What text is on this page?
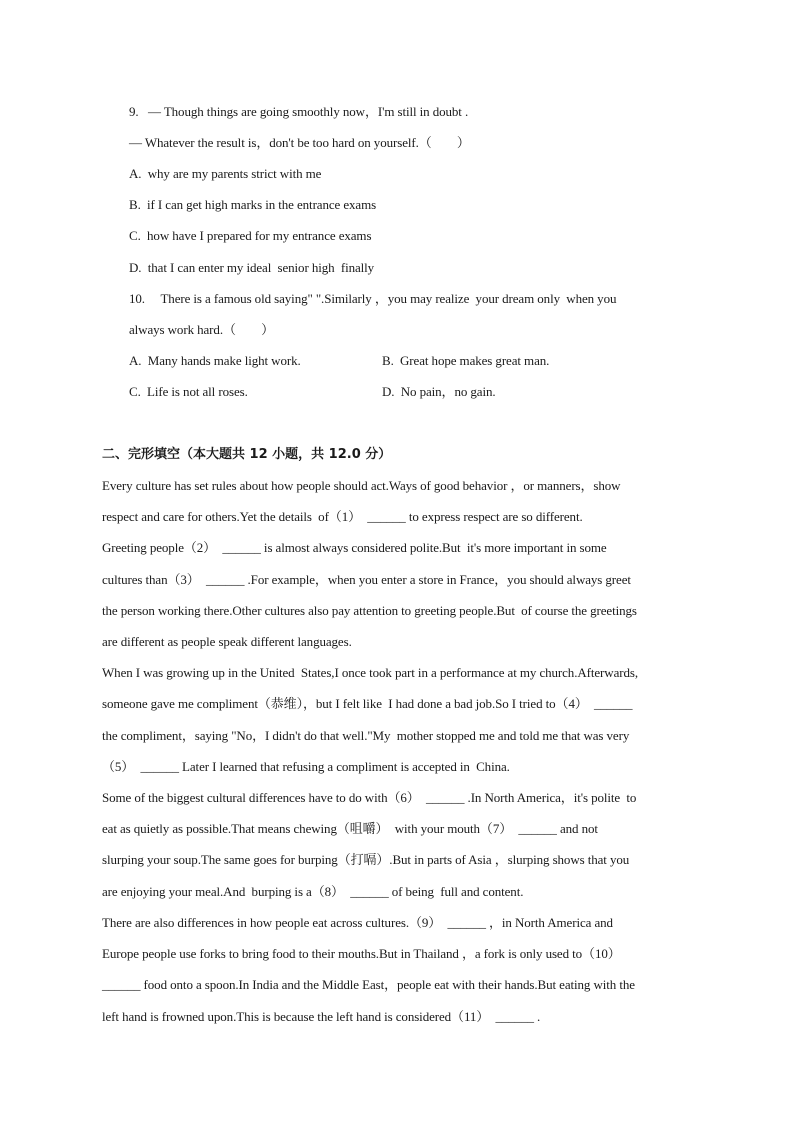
9.   — Though things are going smoothly now，I'm still in doubt .
— Whatever the result is，don't be too hard on yourself.（        ）
A.  why are my parents strict with me
B.  if I can get high marks in the entrance exams
C.  how have I prepared for my entrance exams
D.  that I can enter my ideal  senior high  finally
10.     There is a famous old saying" ".Similarly ，you may realize  your dream only  when you
always work hard.（        ）
A.  Many hands make light work.	B.  Great hope makes great man.
C.  Life is not all roses.	D.  No pain，no gain.
二、完形填空（本大题共 12 小题，共 12.0 分）
Every culture has set rules about how people should act.Ways of good behavior ，or manners，show
respect and care for others.Yet the details  of（1）  ______ to express respect are so different.
Greeting people（2）  ______ is almost always considered polite.But  it's more important in some
cultures than（3）  ______ .For example，when you enter a store in France，you should always greet
the person working there.Other cultures also pay attention to greeting people.But  of course the greetings
are different as people speak different languages.
When I was growing up in the United  States,I once took part in a performance at my church.Afterwards,
someone gave me compliment（恭维），but I felt like  I had done a bad job.So I tried to（4）  ______
the compliment，saying "No，I didn't do that well."My  mother stopped me and told me that was very
（5）  ______ Later I learned that refusing a compliment is accepted in  China.
Some of the biggest cultural differences have to do with（6）  ______ .In North America，it's polite  to
eat as quietly as possible.That means chewing（咀嚼）  with your mouth（7）  ______ and not
slurping your soup.The same goes for burping（打嗝）.But in parts of Asia ，slurping shows that you
are enjoying your meal.And  burping is a（8）  ______ of being  full and content.
There are also differences in how people eat across cultures.（9）  ______ ，in North America and
Europe people use forks to bring food to their mouths.But in Thailand ，a fork is only used to（10）
______ food onto a spoon.In India and the Middle East，people eat with their hands.But eating with the
left hand is frowned upon.This is because the left hand is considered（11）  ______ .
